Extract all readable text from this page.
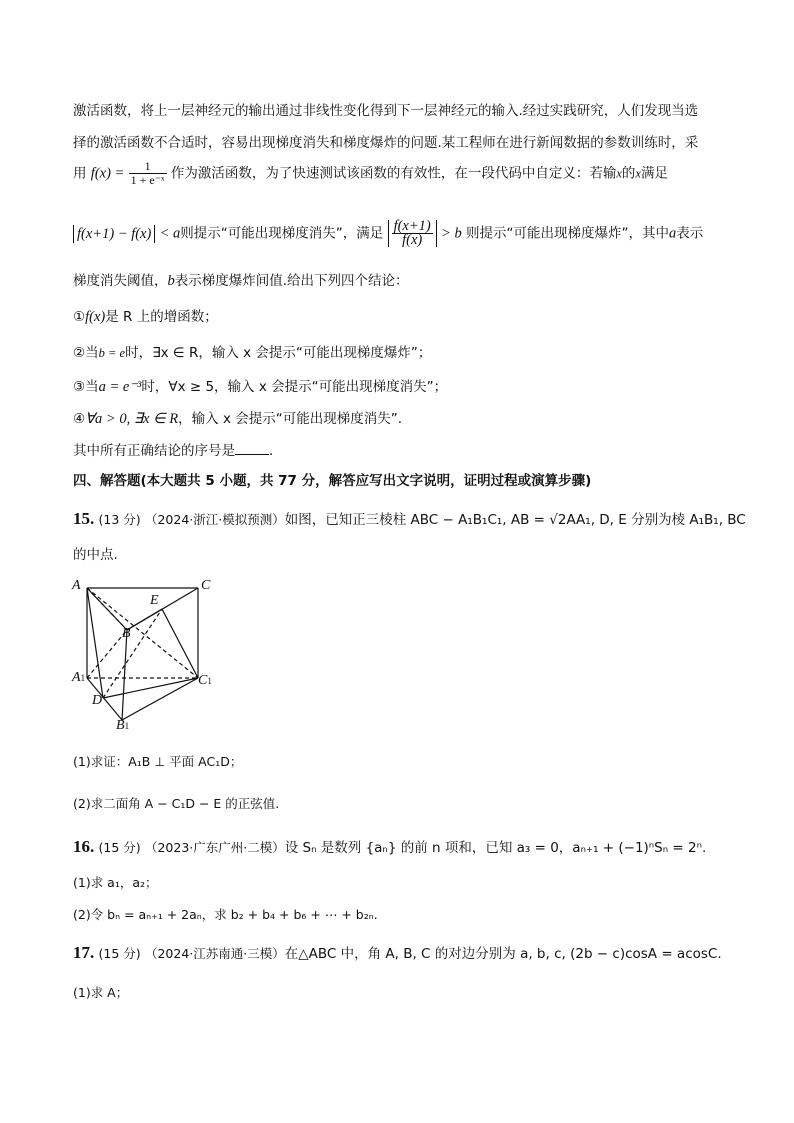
激活函数，将上一层神经元的输出通过非线性变化得到下一层神经元的输入.经过实践研究，人们发现当选
择的激活函数不合适时，容易出现梯度消失和梯度爆炸的问题.某工程师在进行新闻数据的参数训练时，采
用 $f(x) = \frac{1}{\text{1 + e⁻ˣ}}$ 作为激活函数，为了快速测试该函数的有效性，在一段代码中自定义：若输x的x满足
f(x+1) − f(x) < a则提示“可能出现梯度消失”，满足 $\frac{f(x+1)}{f(x)} > b$ 则提示“可能出现梯度爆炸”，其中a表示
梯度消失阈值，b表示梯度爆炸间值.给出下列四个结论：
①f(x)是 R 上的增函数；
②当b = e时，∃x ∈ R，输入 x 会提示“可能出现梯度爆炸”；
③当a = e⁻³时，∀x ≥ 5，输入 x 会提示“可能出现梯度消失”；
④∀a > 0, ∃x ∈ R，输入 x 会提示“可能出现梯度消失”.
其中所有正确结论的序号是	.
四、解答题(本大题共 5 小题，共 77 分，解答应写出文字说明，证明过程或演算步骤)
15. (13 分) （2024·浙江·模拟预测）如图，已知正三棱柱 ABC − A₁B₁C₁, AB = √2AA₁, D, E 分别为棱 A₁B₁, BC
的中点.
A	C
E
B
A1	C1
D
B1
(1)求证：A₁B ⊥ 平面 AC₁D；
(2)求二面角 A − C₁D − E 的正弦值.
16. (15 分) （2023·广东广州·二模）设 Sₙ 是数列 {aₙ} 的前 n 项和，已知 a₃ = 0，aₙ₊₁ + (−1)ⁿSₙ = 2ⁿ.
(1)求 a₁，a₂；
(2)令 bₙ = aₙ₊₁ + 2aₙ，求 b₂ + b₄ + b₆ + ⋯ + b₂ₙ.
17. (15 分) （2024·江苏南通·三模）在△ABC 中，角 A, B, C 的对边分别为 a, b, c, (2b − c)cosA = acosC.
(1)求 A；
